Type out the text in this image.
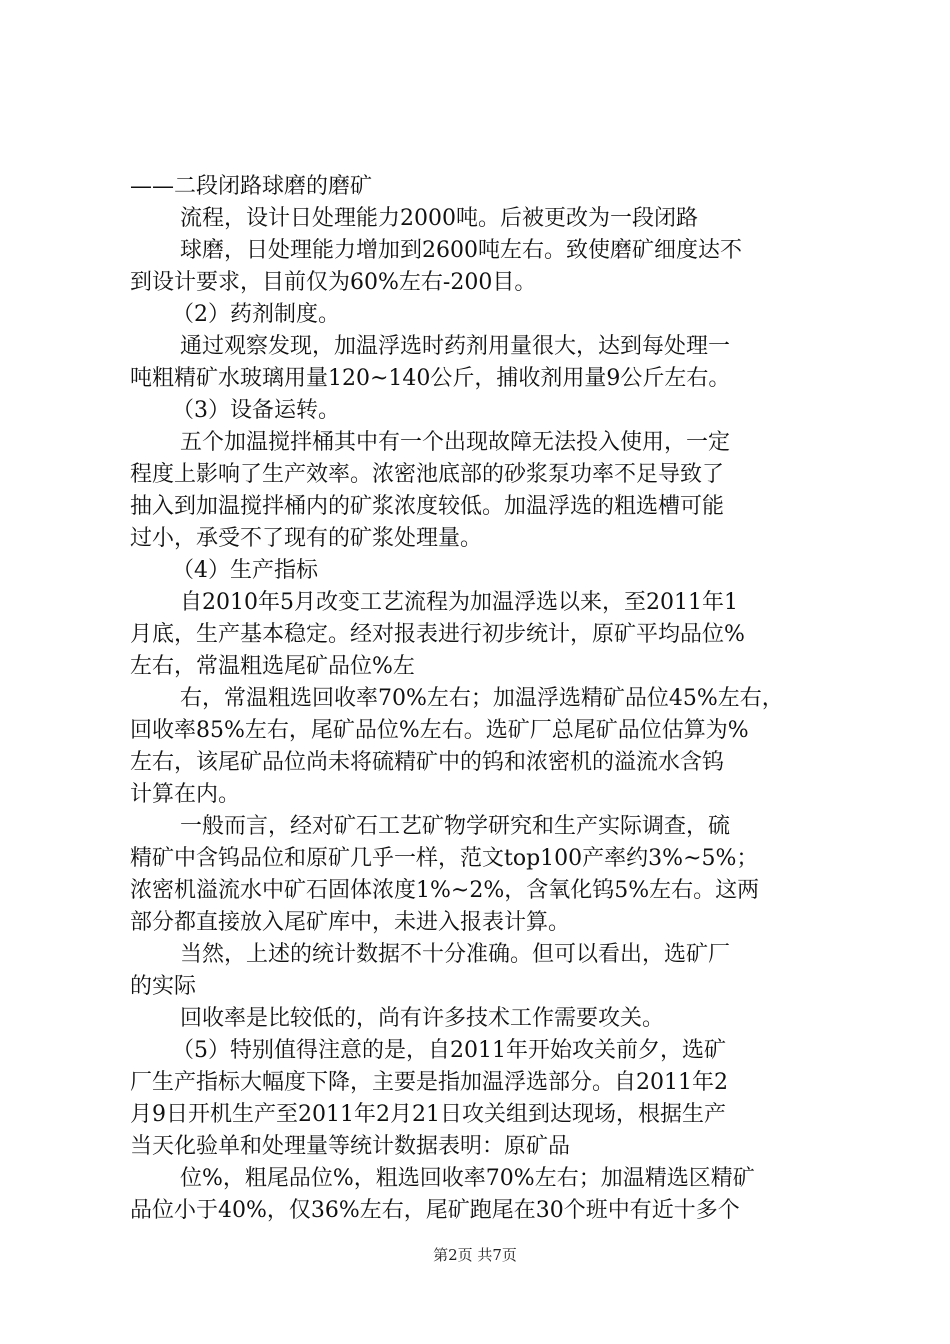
——二段闭路球磨的磨矿
流程，设计日处理能力2000吨。后被更改为一段闭路
球磨，日处理能力增加到2600吨左右。致使磨矿细度达不
到设计要求，目前仅为60%左右-200目。
（2）药剂制度。
通过观察发现，加温浮选时药剂用量很大，达到每处理一
吨粗精矿水玻璃用量120~140公斤，捕收剂用量9公斤左右。
（3）设备运转。
五个加温搅拌桶其中有一个出现故障无法投入使用，一定
程度上影响了生产效率。浓密池底部的砂浆泵功率不足导致了
抽入到加温搅拌桶内的矿浆浓度较低。加温浮选的粗选槽可能
过小，承受不了现有的矿浆处理量。
（4）生产指标
自2010年5月改变工艺流程为加温浮选以来，至2011年1
月底，生产基本稳定。经对报表进行初步统计，原矿平均品位%
左右，常温粗选尾矿品位%左
右，常温粗选回收率70%左右；加温浮选精矿品位45%左右，
回收率85%左右，尾矿品位%左右。选矿厂总尾矿品位估算为%
左右，该尾矿品位尚未将硫精矿中的钨和浓密机的溢流水含钨
计算在内。
一般而言，经对矿石工艺矿物学研究和生产实际调查，硫
精矿中含钨品位和原矿几乎一样，范文top100产率约3%~5%；
浓密机溢流水中矿石固体浓度1%~2%，含氧化钨5%左右。这两
部分都直接放入尾矿库中，未进入报表计算。
当然，上述的统计数据不十分准确。但可以看出，选矿厂
的实际
回收率是比较低的，尚有许多技术工作需要攻关。
（5）特别值得注意的是，自2011年开始攻关前夕，选矿
厂生产指标大幅度下降，主要是指加温浮选部分。自2011年2
月9日开机生产至2011年2月21日攻关组到达现场，根据生产
当天化验单和处理量等统计数据表明：原矿品
位%，粗尾品位%，粗选回收率70%左右；加温精选区精矿
品位小于40%，仅36%左右，尾矿跑尾在30个班中有近十多个
第2页 共7页
